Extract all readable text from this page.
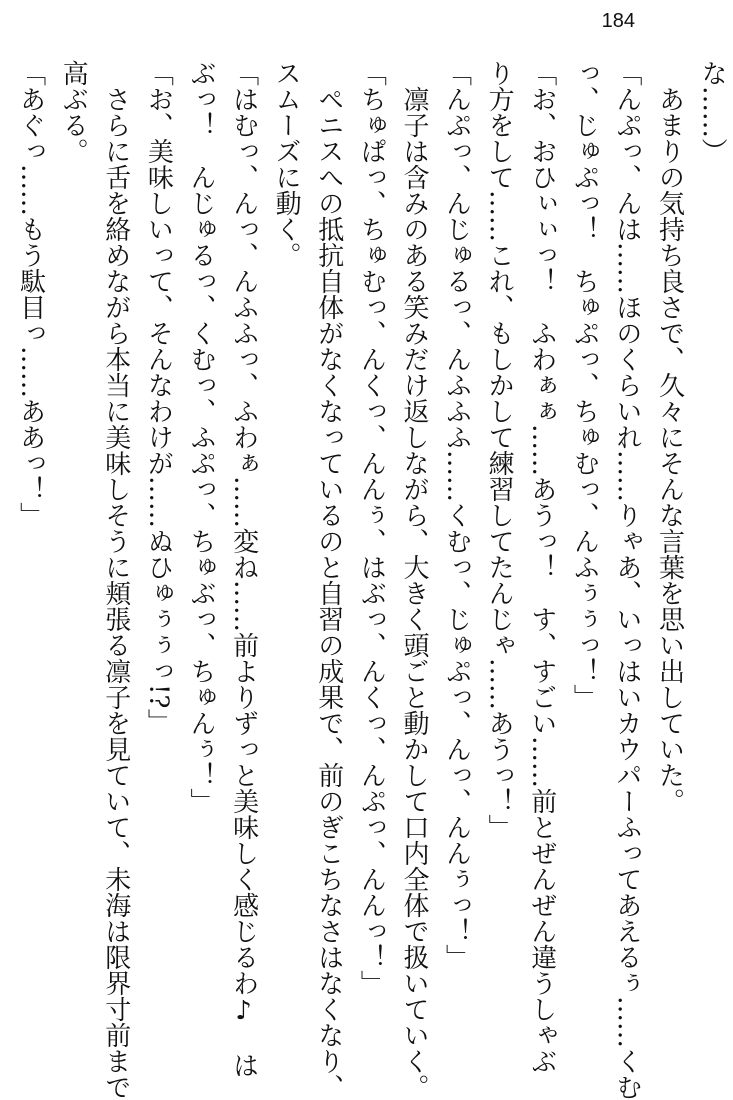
184
な……）
　あまりの気持ち良さで、久々にそんな言葉を思い出していた。
「んぷっ、んは……ほのくらいれ……りゃあ、いっはいカウパーふってあえるぅ……くむ
っ、じゅぷっ！　ちゅぷっ、ちゅむっ、んふぅぅっ！」
「お、おひぃぃっ！　ふわぁぁ……あうっ！　す、すごい……前とぜんぜん違うしゃぶ
り方をして……これ、もしかして練習してたんじゃ……あうっ！」
「んぷっ、んじゅるっ、んふふふ……くむっ、じゅぷっ、んっ、んんぅっ！」
　凛子は含みのある笑みだけ返しながら、大きく頭ごと動かして口内全体で扱いていく。
「ちゅぱっ、ちゅむっ、んくっ、んんぅ、はぶっ、んくっ、んぷっ、んんっ！」
　ペニスへの抵抗自体がなくなっているのと自習の成果で、前のぎこちなさはなくなり、
スムーズに動く。
「はむっ、んっ、んふふっ、ふわぁ……変ね……前よりずっと美味しく感じるわ♪　は
ぶっ！　んじゅるっ、くむっ、ふぷっ、ちゅぶっ、ちゅんぅ！」
「お、美味しいって、そんなわけが……ぬひゅぅぅっ!?」
　さらに舌を絡めながら本当に美味しそうに頬張る凛子を見ていて、未海は限界寸前まで
高ぶる。
「あぐっ……もう駄目っ……ああっ！」
